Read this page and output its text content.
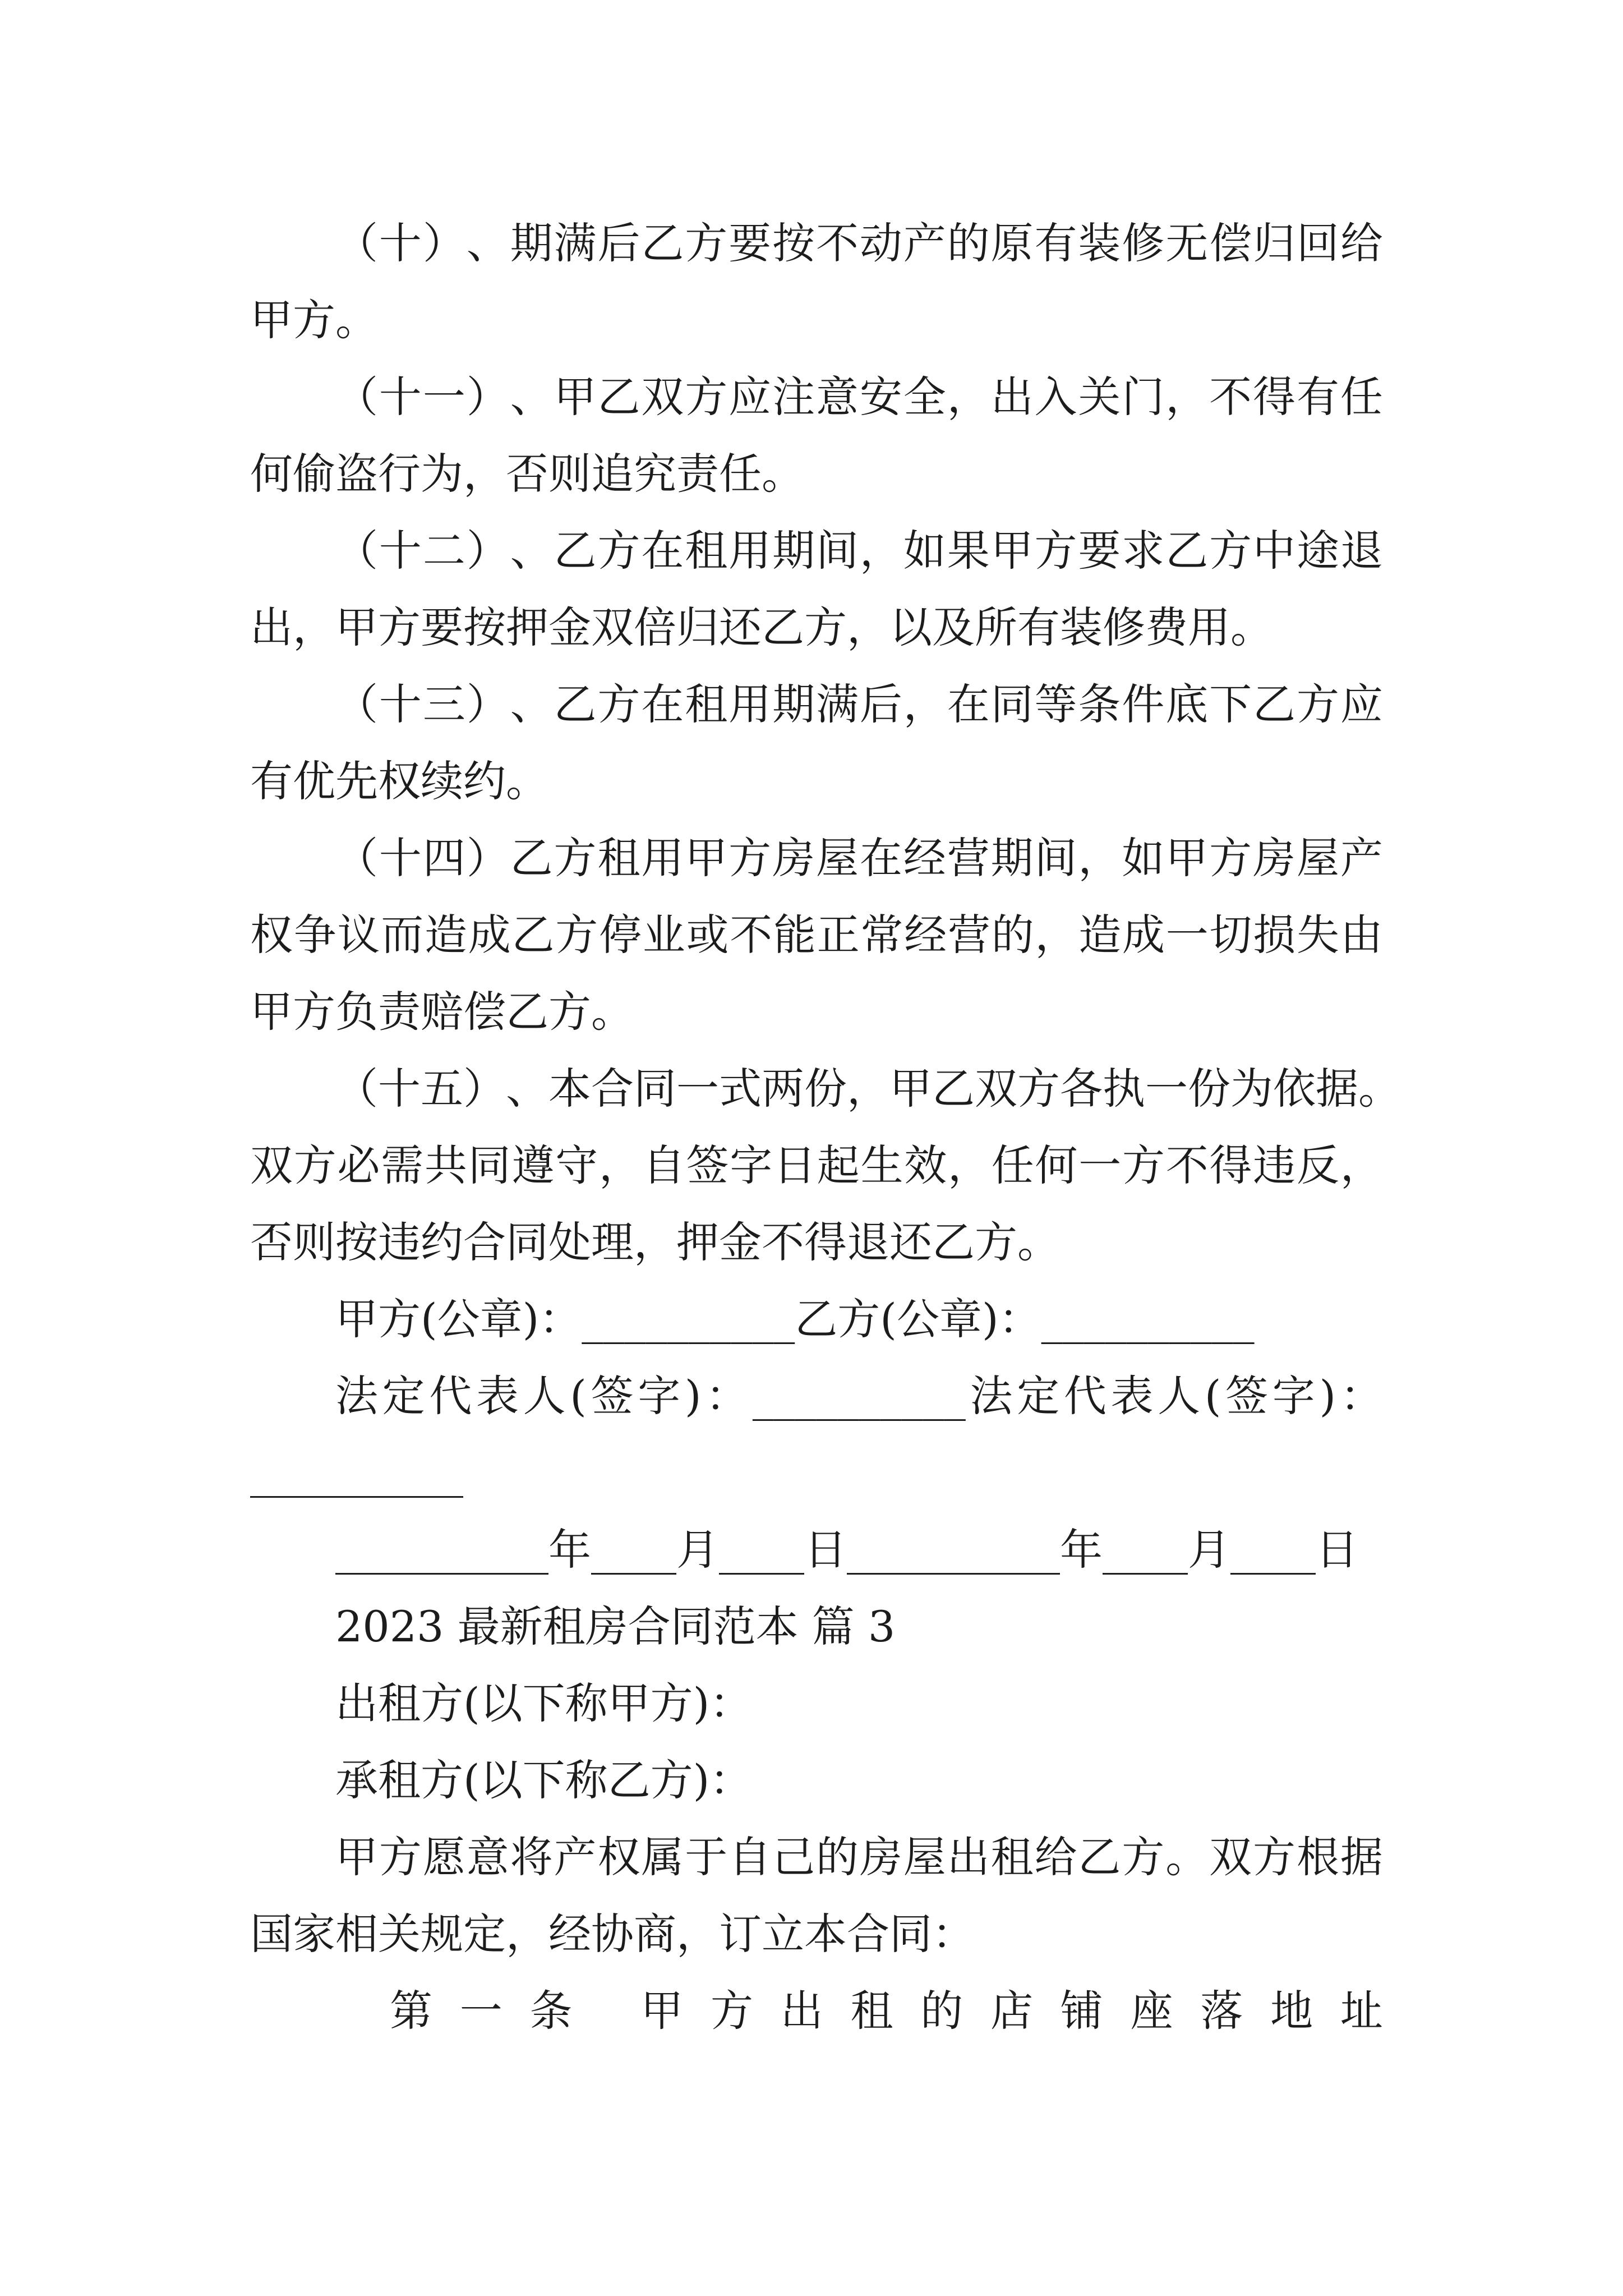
（ 十 ） 、 期 满 后 乙 方 要 按 不 动 产 的 原 有 装 修 无 偿 归 回 给
甲方。
（ 十 一 ） 、 甲 乙 双 方 应 注 意 安 全 ， 出 入 关 门 ， 不 得 有 任
何偷盗行为，否则追究责任。
（ 十 二 ） 、 乙 方 在 租 用 期 间 ， 如 果 甲 方 要 求 乙 方 中 途 退
出，甲方要按押金双倍归还乙方，以及所有装修费用。
（ 十 三 ） 、 乙 方 在 租 用 期 满 后 ， 在 同 等 条 件 底 下 乙 方 应
有优先权续约。
（ 十 四 ） 乙 方 租 用 甲 方 房 屋 在 经 营 期 间 ， 如 甲 方 房 屋 产
权 争 议 而 造 成 乙 方 停 业 或 不 能 正 常 经 营 的 ， 造 成 一 切 损 失 由
甲方负责赔偿乙方。
（ 十 五 ） 、 本 合 同 一 式 两 份 ， 甲 乙 双 方 各 执 一 份 为 依 据 。
双 方 必 需 共 同 遵 守 ， 自 签 字 日 起 生 效 ， 任 何 一 方 不 得 违 反 ，
否则按违约合同处理，押金不得退还乙方。
甲方(公章)：__________乙方(公章)：__________
法 定 代 表 人 ( 签 字 ) ： __________ 法 定 代 表 人 ( 签 字 ) ：
__________
__________年____月____日__________年____月____日
2023 最新租房合同范本 篇 3
出租方(以下称甲方)：
承租方(以下称乙方)：
甲 方 愿 意 将 产 权 属 于 自 己 的 房 屋 出 租 给 乙 方 。 双 方 根 据
国家相关规定，经协商，订立本合同：
第 一 条
甲 方 出 租 的 店 铺 座 落 地 址
